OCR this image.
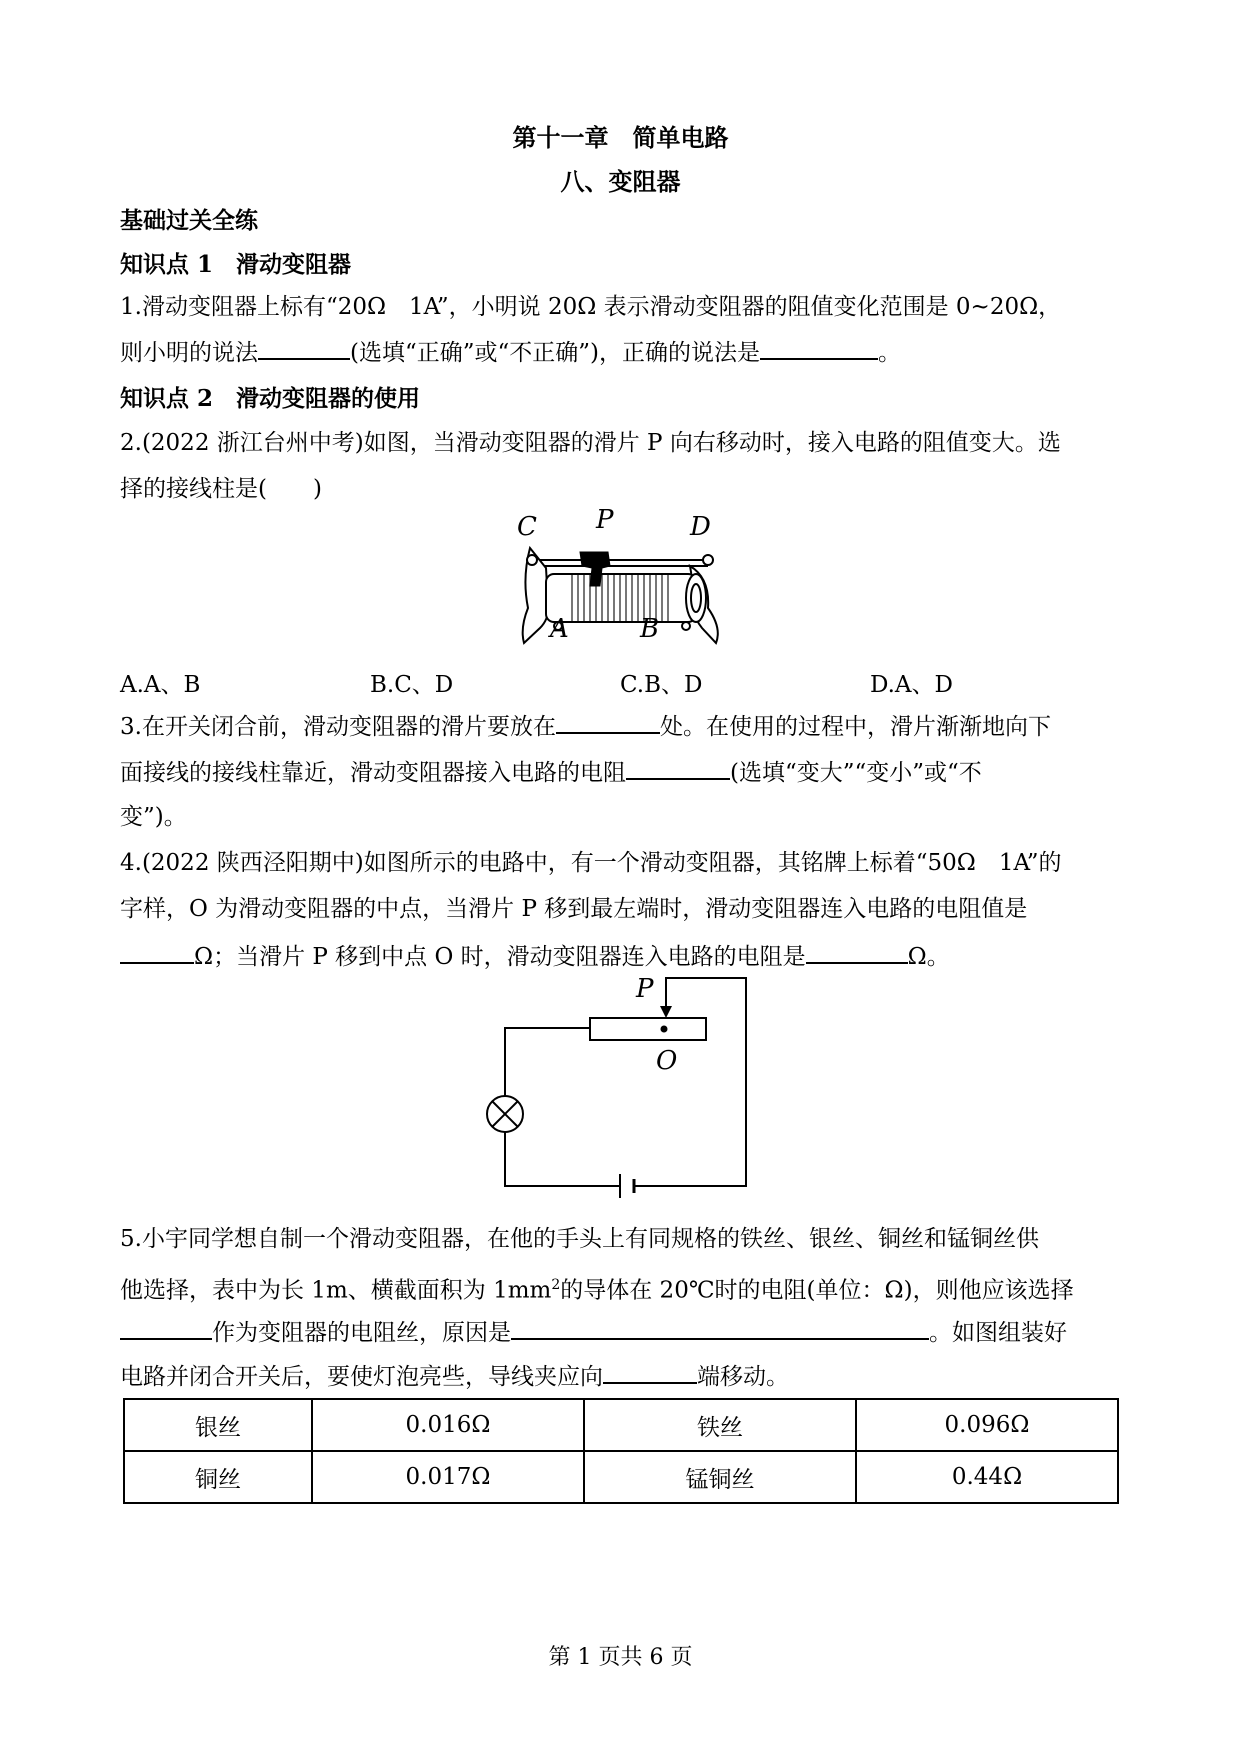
第十一章　简单电路
八、变阻器
基础过关全练
知识点 1　滑动变阻器
1.滑动变阻器上标有“20Ω　1A”，小明说 20Ω 表示滑动变阻器的阻值变化范围是 0~20Ω，
则小明的说法	(选填“正确”或“不正确”)，正确的说法是	。
知识点 2　滑动变阻器的使用
2.(2022 浙江台州中考)如图，当滑动变阻器的滑片 P 向右移动时，接入电路的阻值变大。选
择的接线柱是(　　)
C P	D
A	B
A.A、B	B.C、D	C.B、D	D.A、D
3.在开关闭合前，滑动变阻器的滑片要放在	处。在使用的过程中，滑片渐渐地向下
面接线的接线柱靠近，滑动变阻器接入电路的电阻	(选填“变大”“变小”或“不
变”)。
4.(2022 陕西泾阳期中)如图所示的电路中，有一个滑动变阻器，其铭牌上标着“50Ω　1A”的
字样，O 为滑动变阻器的中点，当滑片 P 移到最左端时，滑动变阻器连入电路的电阻值是
Ω；当滑片 P 移到中点 O 时，滑动变阻器连入电路的电阻是	Ω。
P
O
5.小宇同学想自制一个滑动变阻器，在他的手头上有同规格的铁丝、银丝、铜丝和锰铜丝供
他选择，表中为长 1m、横截面积为 $1mm^2$的导体在 20℃时的电阻(单位：Ω)，则他应该选择
作为变阻器的电阻丝，原因是	。如图组装好
电路并闭合开关后，要使灯泡亮些，导线夹应向	端移动。
银丝	0.016Ω	铁丝	0.096Ω
铜丝	0.017Ω	锰铜丝	0.44Ω
第 1 页共 6 页
